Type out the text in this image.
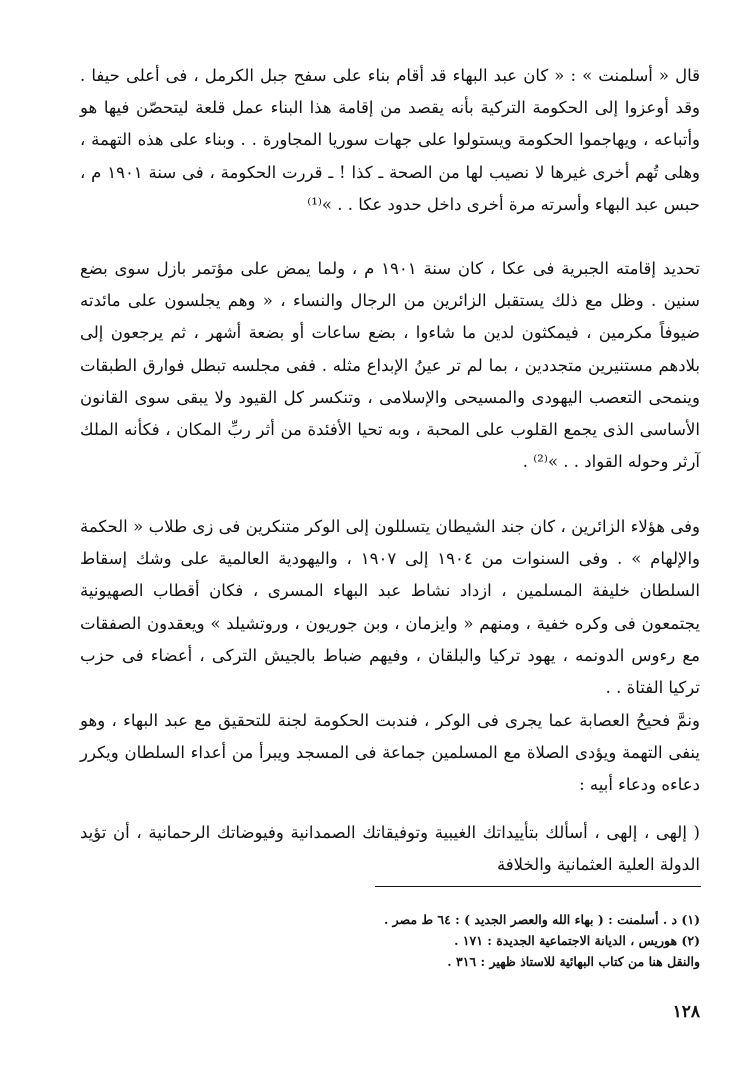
قال « أسلمنت » : « كان عبد البهاء قد أقام بناء على سفح جبل الكرمل ، فى أعلى حيفا . وقد أوعزوا إلى الحكومة التركية بأنه يقصد من إقامة هذا البناء عمل قلعة ليتحصّن فيها هو وأتباعه ، ويهاجموا الحكومة ويستولوا على جهات سوريا المجاورة . . وبناء على هذه التهمة ، وهلى تُهم أخرى غيرها لا نصيب لها من الصحة ـ كذا ! ـ قررت الحكومة ، فى سنة ١٩٠١ م ، حبس عبد البهاء وأسرته مرة أخرى داخل حدود عكا . . »⁽¹⁾

تحديد إقامته الجبرية فى عكا ، كان سنة ١٩٠١ م ، ولما يمض على مؤتمر بازل سوى بضع سنين . وظل مع ذلك يستقبل الزائرين من الرجال والنساء ، « وهم يجلسون على مائدته ضيوفاً مكرمين ، فيمكثون لدين ما شاءوا ، بضع ساعات أو بضعة أشهر ، ثم يرجعون إلى بلادهم مستنيرين متجددين ، بما لم تر عينُ الإبداع مثله . ففى مجلسه تبطل فوارق الطبقات وينمحى التعصب اليهودى والمسيحى والإسلامى ، وتنكسر كل القيود ولا يبقى سوى القانون الأساسى الذى يجمع القلوب على المحبة ، وبه تحيا الأفئدة من أثر ربِّ المكان ، فكأنه الملك آرثر وحوله القواد . . »⁽²⁾ .

وفى هؤلاء الزائرين ، كان جند الشيطان يتسللون إلى الوكر متنكرين فى زى طلاب « الحكمة والإلهام » . وفى السنوات من ١٩٠٤ إلى ١٩٠٧ ، واليهودية العالمية على وشك إسقاط السلطان خليفة المسلمين ، ازداد نشاط عبد البهاء المسرى ، فكان أقطاب الصهيونية يجتمعون فى وكره خفية ، ومنهم « وايزمان ، وبن جوريون ، وروتشيلد » ويعقدون الصفقات مع رءوس الدونمه ، يهود تركيا والبلقان ، وفيهم ضباط بالجيش التركى ، أعضاء فى حزب تركيا الفتاة . .

ونمَّ فحيحُ العصابة عما يجرى فى الوكر ، فندبت الحكومة لجنة للتحقيق مع عبد البهاء ، وهو ينفى التهمة ويؤدى الصلاة مع المسلمين جماعة فى المسجد ويبرأ من أعداء السلطان ويكرر دعاءه ودعاء أبيه :

( إلهى ، إلهى ، أسألك بتأييداتك الغيبية وتوفيقاتك الصمدانية وفيوضاتك الرحمانية ، أن تؤيد الدولة العلية العثمانية والخلافة

(١) د . أسلمنت : ( بهاء الله والعصر الجديد ) : ٦٤ ط مصر .

(٢) هوريس ، الديانة الاجتماعية الجديدة : ١٧١ .

والنقل هنا من كتاب البهائية للاستاذ ظهير : ٣١٦ .

١٢٨
